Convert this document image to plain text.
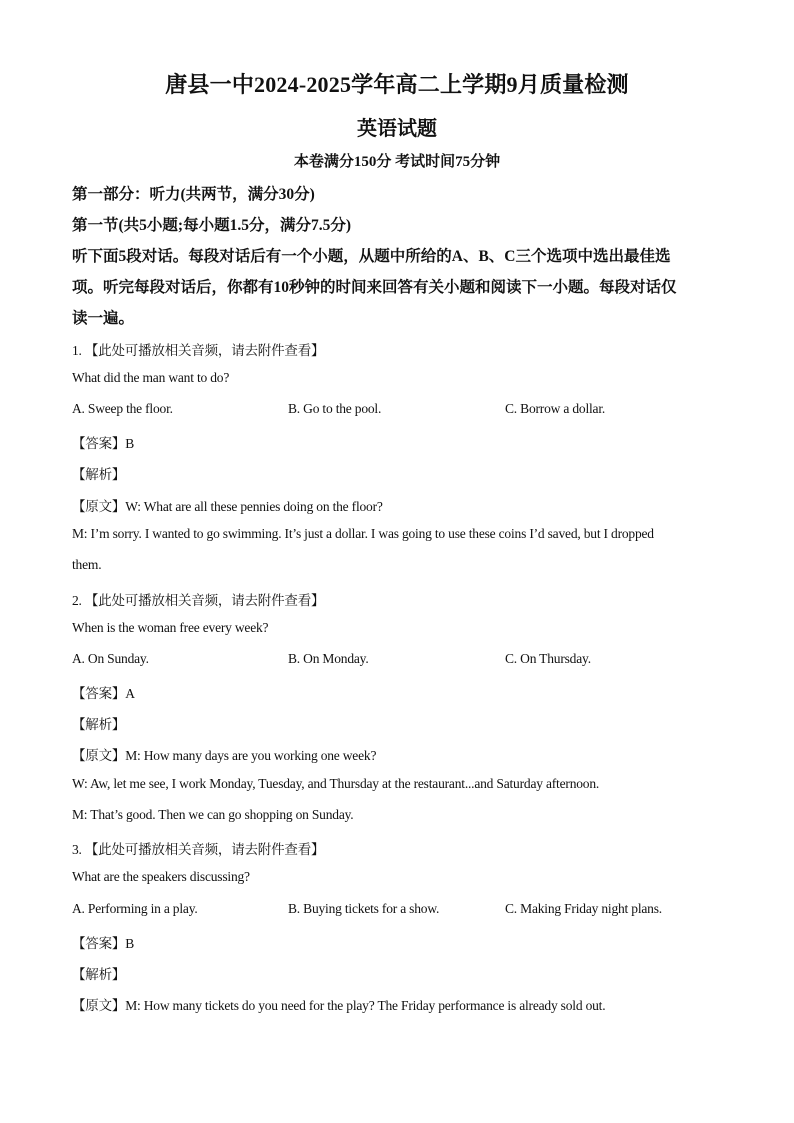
唐县一中2024-2025学年高二上学期9月质量检测
英语试题
本卷满分150分 考试时间75分钟
第一部分：听力(共两节，满分30分)
第一节(共5小题;每小题1.5分，满分7.5分)
听下面5段对话。每段对话后有一个小题，从题中所给的A、B、C三个选项中选出最佳选
项。听完每段对话后，你都有10秒钟的时间来回答有关小题和阅读下一小题。每段对话仅
读一遍。
1. 【此处可播放相关音频，请去附件查看】
What did the man want to do?
A. Sweep the floor.	B. Go to the pool.	C. Borrow a dollar.
【答案】B
【解析】
【原文】W: What are all these pennies doing on the floor?
M: I’m sorry. I wanted to go swimming. It’s just a dollar. I was going to use these coins I’d saved, but I dropped
them.
2. 【此处可播放相关音频，请去附件查看】
When is the woman free every week?
A. On Sunday.	B. On Monday.	C. On Thursday.
【答案】A
【解析】
【原文】M: How many days are you working one week?
W: Aw, let me see, I work Monday, Tuesday, and Thursday at the restaurant...and Saturday afternoon.
M: That’s good. Then we can go shopping on Sunday.
3. 【此处可播放相关音频，请去附件查看】
What are the speakers discussing?
A. Performing in a play.	B. Buying tickets for a show.	C. Making Friday night plans.
【答案】B
【解析】
【原文】M: How many tickets do you need for the play? The Friday performance is already sold out.
